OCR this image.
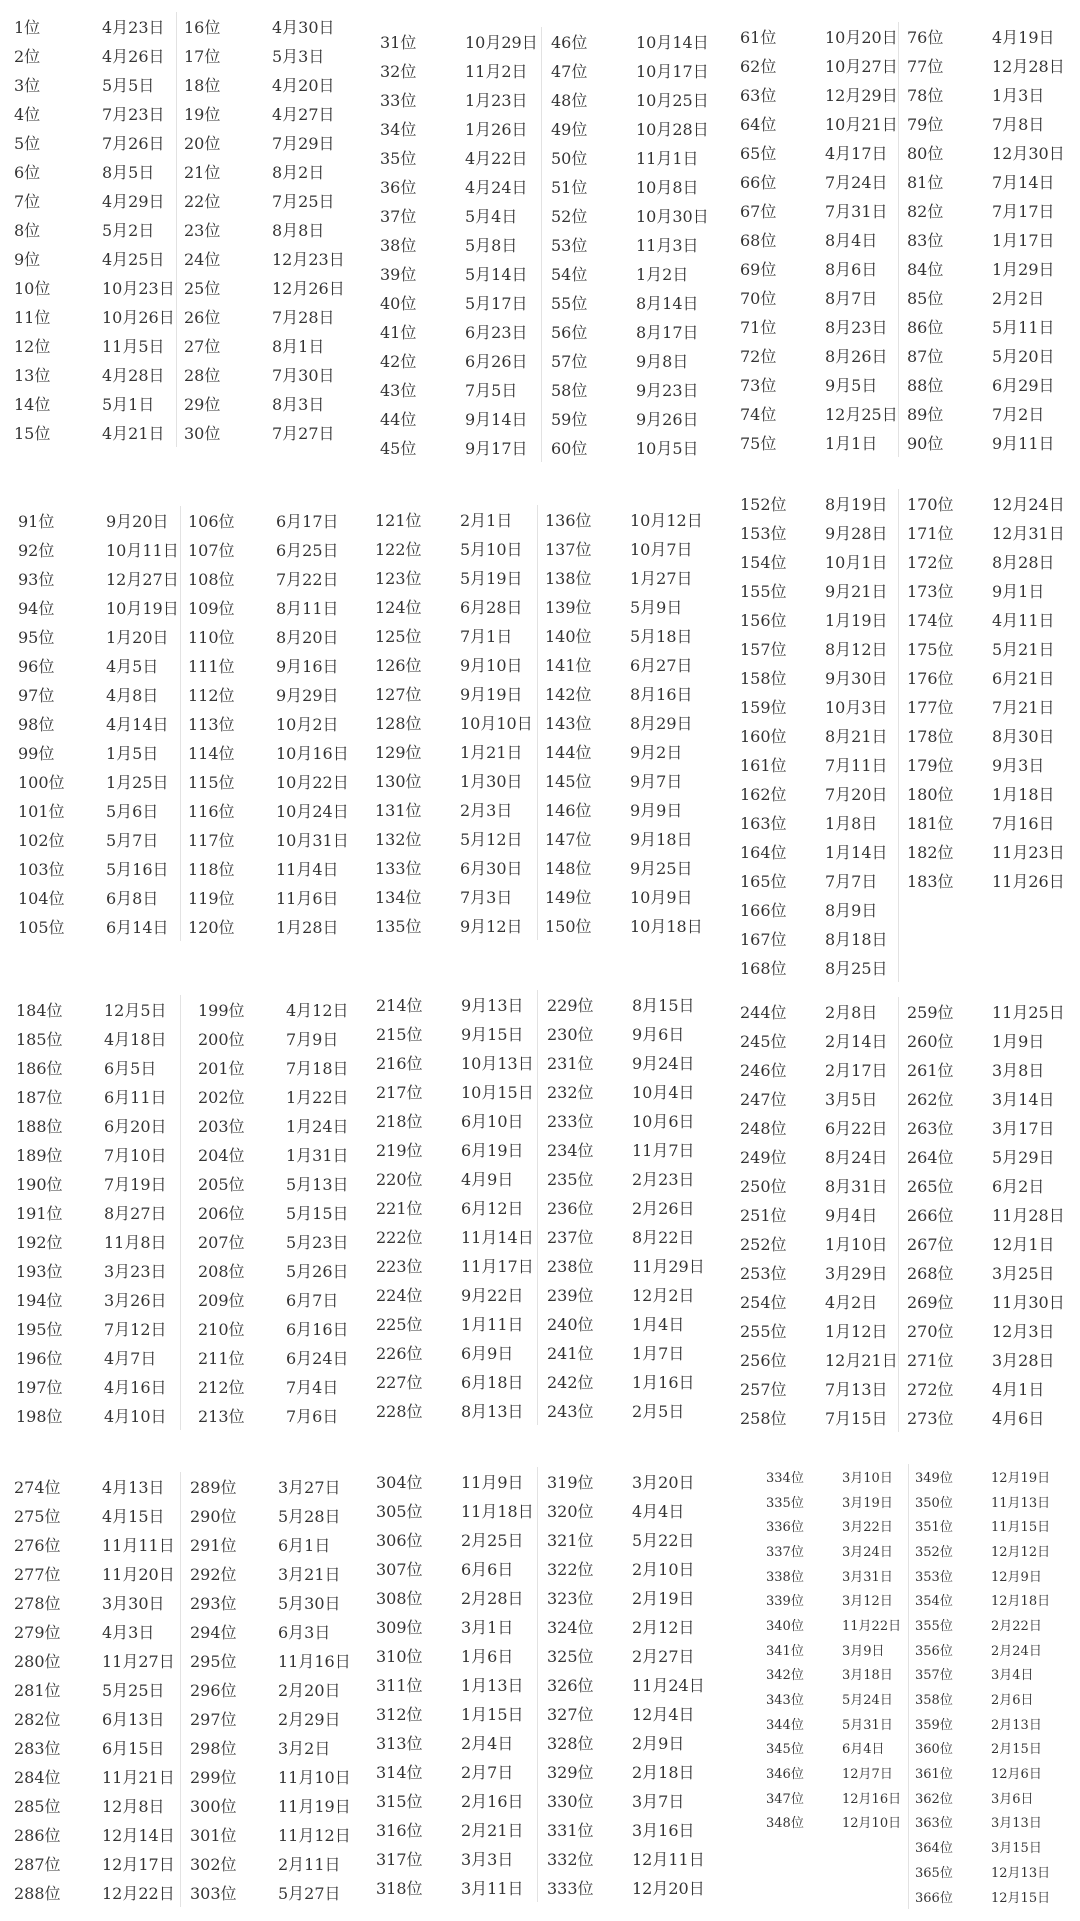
1位	4月23日
2位	4月26日
3位	5月5日
4位	7月23日
5位	7月26日
6位	8月5日
7位	4月29日
8位	5月2日
9位	4月25日
10位	10月23日
11位	10月26日
12位	11月5日
13位	4月28日
14位	5月1日
15位	4月21日
16位	4月30日
17位	5月3日
18位	4月20日
19位	4月27日
20位	7月29日
21位	8月2日
22位	7月25日
23位	8月8日
24位	12月23日
25位	12月26日
26位	7月28日
27位	8月1日
28位	7月30日
29位	8月3日
30位	7月27日
31位	10月29日
32位	11月2日
33位	1月23日
34位	1月26日
35位	4月22日
36位	4月24日
37位	5月4日
38位	5月8日
39位	5月14日
40位	5月17日
41位	6月23日
42位	6月26日
43位	7月5日
44位	9月14日
45位	9月17日
46位	10月14日
47位	10月17日
48位	10月25日
49位	10月28日
50位	11月1日
51位	10月8日
52位	10月30日
53位	11月3日
54位	1月2日
55位	8月14日
56位	8月17日
57位	9月8日
58位	9月23日
59位	9月26日
60位	10月5日
61位	10月20日
62位	10月27日
63位	12月29日
64位	10月21日
65位	4月17日
66位	7月24日
67位	7月31日
68位	8月4日
69位	8月6日
70位	8月7日
71位	8月23日
72位	8月26日
73位	9月5日
74位	12月25日
75位	1月1日
76位	4月19日
77位	12月28日
78位	1月3日
79位	7月8日
80位	12月30日
81位	7月14日
82位	7月17日
83位	1月17日
84位	1月29日
85位	2月2日
86位	5月11日
87位	5月20日
88位	6月29日
89位	7月2日
90位	9月11日
91位	9月20日
92位	10月11日
93位	12月27日
94位	10月19日
95位	1月20日
96位	4月5日
97位	4月8日
98位	4月14日
99位	1月5日
100位	1月25日
101位	5月6日
102位	5月7日
103位	5月16日
104位	6月8日
105位	6月14日
106位	6月17日
107位	6月25日
108位	7月22日
109位	8月11日
110位	8月20日
111位	9月16日
112位	9月29日
113位	10月2日
114位	10月16日
115位	10月22日
116位	10月24日
117位	10月31日
118位	11月4日
119位	11月6日
120位	1月28日
121位	2月1日
122位	5月10日
123位	5月19日
124位	6月28日
125位	7月1日
126位	9月10日
127位	9月19日
128位	10月10日
129位	1月21日
130位	1月30日
131位	2月3日
132位	5月12日
133位	6月30日
134位	7月3日
135位	9月12日
136位	10月12日
137位	10月7日
138位	1月27日
139位	5月9日
140位	5月18日
141位	6月27日
142位	8月16日
143位	8月29日
144位	9月2日
145位	9月7日
146位	9月9日
147位	9月18日
148位	9月25日
149位	10月9日
150位	10月18日
152位	8月19日
153位	9月28日
154位	10月1日
155位	9月21日
156位	1月19日
157位	8月12日
158位	9月30日
159位	10月3日
160位	8月21日
161位	7月11日
162位	7月20日
163位	1月8日
164位	1月14日
165位	7月7日
166位	8月9日
167位	8月18日
168位	8月25日
170位	12月24日
171位	12月31日
172位	8月28日
173位	9月1日
174位	4月11日
175位	5月21日
176位	6月21日
177位	7月21日
178位	8月30日
179位	9月3日
180位	1月18日
181位	7月16日
182位	11月23日
183位	11月26日
184位	12月5日
185位	4月18日
186位	6月5日
187位	6月11日
188位	6月20日
189位	7月10日
190位	7月19日
191位	8月27日
192位	11月8日
193位	3月23日
194位	3月26日
195位	7月12日
196位	4月7日
197位	4月16日
198位	4月10日
199位	4月12日
200位	7月9日
201位	7月18日
202位	1月22日
203位	1月24日
204位	1月31日
205位	5月13日
206位	5月15日
207位	5月23日
208位	5月26日
209位	6月7日
210位	6月16日
211位	6月24日
212位	7月4日
213位	7月6日
214位	9月13日
215位	9月15日
216位	10月13日
217位	10月15日
218位	6月10日
219位	6月19日
220位	4月9日
221位	6月12日
222位	11月14日
223位	11月17日
224位	9月22日
225位	1月11日
226位	6月9日
227位	6月18日
228位	8月13日
229位	8月15日
230位	9月6日
231位	9月24日
232位	10月4日
233位	10月6日
234位	11月7日
235位	2月23日
236位	2月26日
237位	8月22日
238位	11月29日
239位	12月2日
240位	1月4日
241位	1月7日
242位	1月16日
243位	2月5日
244位	2月8日
245位	2月14日
246位	2月17日
247位	3月5日
248位	6月22日
249位	8月24日
250位	8月31日
251位	9月4日
252位	1月10日
253位	3月29日
254位	4月2日
255位	1月12日
256位	12月21日
257位	7月13日
258位	7月15日
259位	11月25日
260位	1月9日
261位	3月8日
262位	3月14日
263位	3月17日
264位	5月29日
265位	6月2日
266位	11月28日
267位	12月1日
268位	3月25日
269位	11月30日
270位	12月3日
271位	3月28日
272位	4月1日
273位	4月6日
274位	4月13日
275位	4月15日
276位	11月11日
277位	11月20日
278位	3月30日
279位	4月3日
280位	11月27日
281位	5月25日
282位	6月13日
283位	6月15日
284位	11月21日
285位	12月8日
286位	12月14日
287位	12月17日
288位	12月22日
289位	3月27日
290位	5月28日
291位	6月1日
292位	3月21日
293位	5月30日
294位	6月3日
295位	11月16日
296位	2月20日
297位	2月29日
298位	3月2日
299位	11月10日
300位	11月19日
301位	11月12日
302位	2月11日
303位	5月27日
304位	11月9日
305位	11月18日
306位	2月25日
307位	6月6日
308位	2月28日
309位	3月1日
310位	1月6日
311位	1月13日
312位	1月15日
313位	2月4日
314位	2月7日
315位	2月16日
316位	2月21日
317位	3月3日
318位	3月11日
319位	3月20日
320位	4月4日
321位	5月22日
322位	2月10日
323位	2月19日
324位	2月12日
325位	2月27日
326位	11月24日
327位	12月4日
328位	2月9日
329位	2月18日
330位	3月7日
331位	3月16日
332位	12月11日
333位	12月20日
334位	3月10日
335位	3月19日
336位	3月22日
337位	3月24日
338位	3月31日
339位	3月12日
340位	11月22日
341位	3月9日
342位	3月18日
343位	5月24日
344位	5月31日
345位	6月4日
346位	12月7日
347位	12月16日
348位	12月10日
349位	12月19日
350位	11月13日
351位	11月15日
352位	12月12日
353位	12月9日
354位	12月18日
355位	2月22日
356位	2月24日
357位	3月4日
358位	2月6日
359位	2月13日
360位	2月15日
361位	12月6日
362位	3月6日
363位	3月13日
364位	3月15日
365位	12月13日
366位	12月15日
